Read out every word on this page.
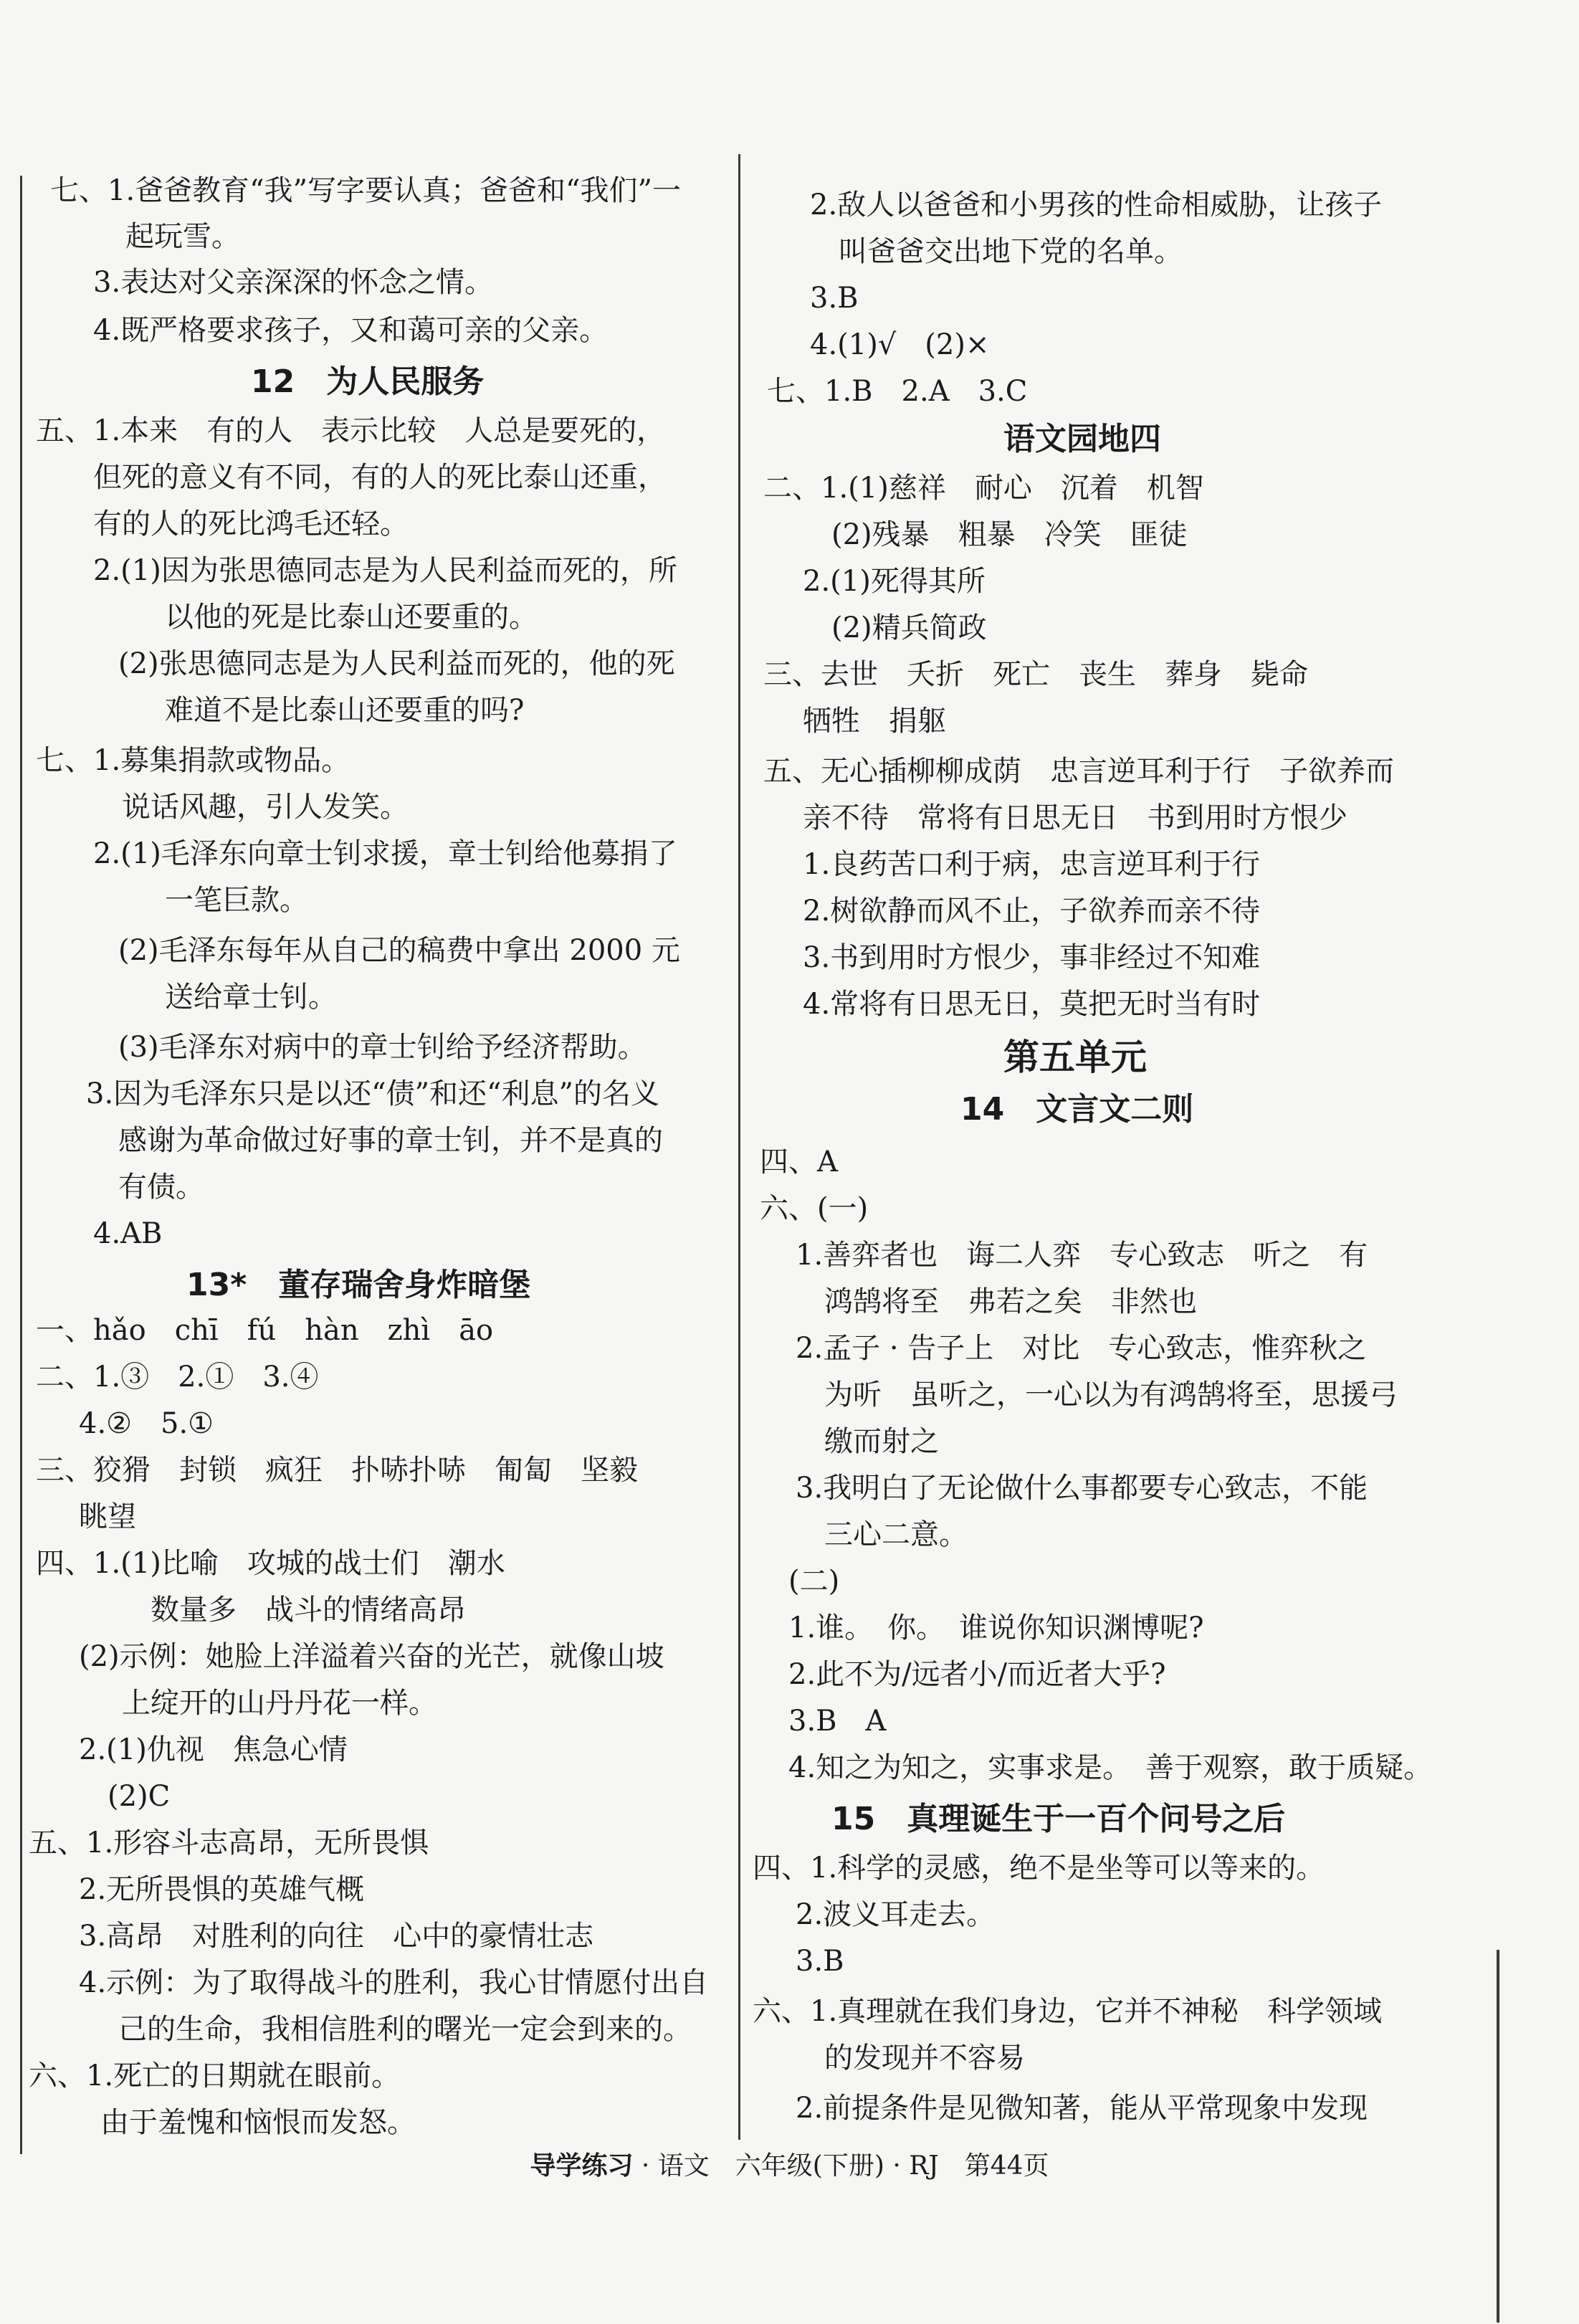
七、1.爸爸教育“我”写字要认真；爸爸和“我们”一
起玩雪。
3.表达对父亲深深的怀念之情。
4.既严格要求孩子，又和蔼可亲的父亲。
12　为人民服务
五、1.本来　有的人　表示比较　人总是要死的，
但死的意义有不同，有的人的死比泰山还重，
有的人的死比鸿毛还轻。
2.(1)因为张思德同志是为人民利益而死的，所
以他的死是比泰山还要重的。
(2)张思德同志是为人民利益而死的，他的死
难道不是比泰山还要重的吗?
七、1.募集捐款或物品。
说话风趣，引人发笑。
2.(1)毛泽东向章士钊求援，章士钊给他募捐了
一笔巨款。
(2)毛泽东每年从自己的稿费中拿出 2000 元
送给章士钊。
(3)毛泽东对病中的章士钊给予经济帮助。
3.因为毛泽东只是以还“债”和还“利息”的名义
感谢为革命做过好事的章士钊，并不是真的
有债。
4.AB
13*　董存瑞舍身炸暗堡
一、hǎo　chī　fú　hàn　zhì　āo
二、1.③　2.①　3.④
4.②　5.①
三、狡猾　封锁　疯狂　扑哧扑哧　匍匐　坚毅
眺望
四、1.(1)比喻　攻城的战士们　潮水
数量多　战斗的情绪高昂
(2)示例：她脸上洋溢着兴奋的光芒，就像山坡
上绽开的山丹丹花一样。
2.(1)仇视　焦急心情
(2)C
五、1.形容斗志高昂，无所畏惧
2.无所畏惧的英雄气概
3.高昂　对胜利的向往　心中的豪情壮志
4.示例：为了取得战斗的胜利，我心甘情愿付出自
己的生命，我相信胜利的曙光一定会到来的。
六、1.死亡的日期就在眼前。
由于羞愧和恼恨而发怒。
2.敌人以爸爸和小男孩的性命相威胁，让孩子
叫爸爸交出地下党的名单。
3.B
4.(1)√　(2)×
七、1.B　2.A　3.C
语文园地四
二、1.(1)慈祥　耐心　沉着　机智
(2)残暴　粗暴　冷笑　匪徒
2.(1)死得其所
(2)精兵简政
三、去世　夭折　死亡　丧生　葬身　毙命
牺牲　捐躯
五、无心插柳柳成荫　忠言逆耳利于行　子欲养而
亲不待　常将有日思无日　书到用时方恨少
1.良药苦口利于病，忠言逆耳利于行
2.树欲静而风不止，子欲养而亲不待
3.书到用时方恨少，事非经过不知难
4.常将有日思无日，莫把无时当有时
第五单元
14　文言文二则
四、A
六、(一)
1.善弈者也　诲二人弈　专心致志　听之　有
鸿鹄将至　弗若之矣　非然也
2.孟子 · 告子上　对比　专心致志，惟弈秋之
为听　虽听之，一心以为有鸿鹄将至，思援弓
缴而射之
3.我明白了无论做什么事都要专心致志，不能
三心二意。
(二)
1.谁。　你。　谁说你知识渊博呢?
2.此不为/远者小/而近者大乎?
3.B　A
4.知之为知之，实事求是。　善于观察，敢于质疑。
15　真理诞生于一百个问号之后
四、1.科学的灵感，绝不是坐等可以等来的。
2.波义耳走去。
3.B
六、1.真理就在我们身边，它并不神秘　科学领域
的发现并不容易
2.前提条件是见微知著，能从平常现象中发现
导学练习 · 语文　六年级(下册) · RJ　第44页
